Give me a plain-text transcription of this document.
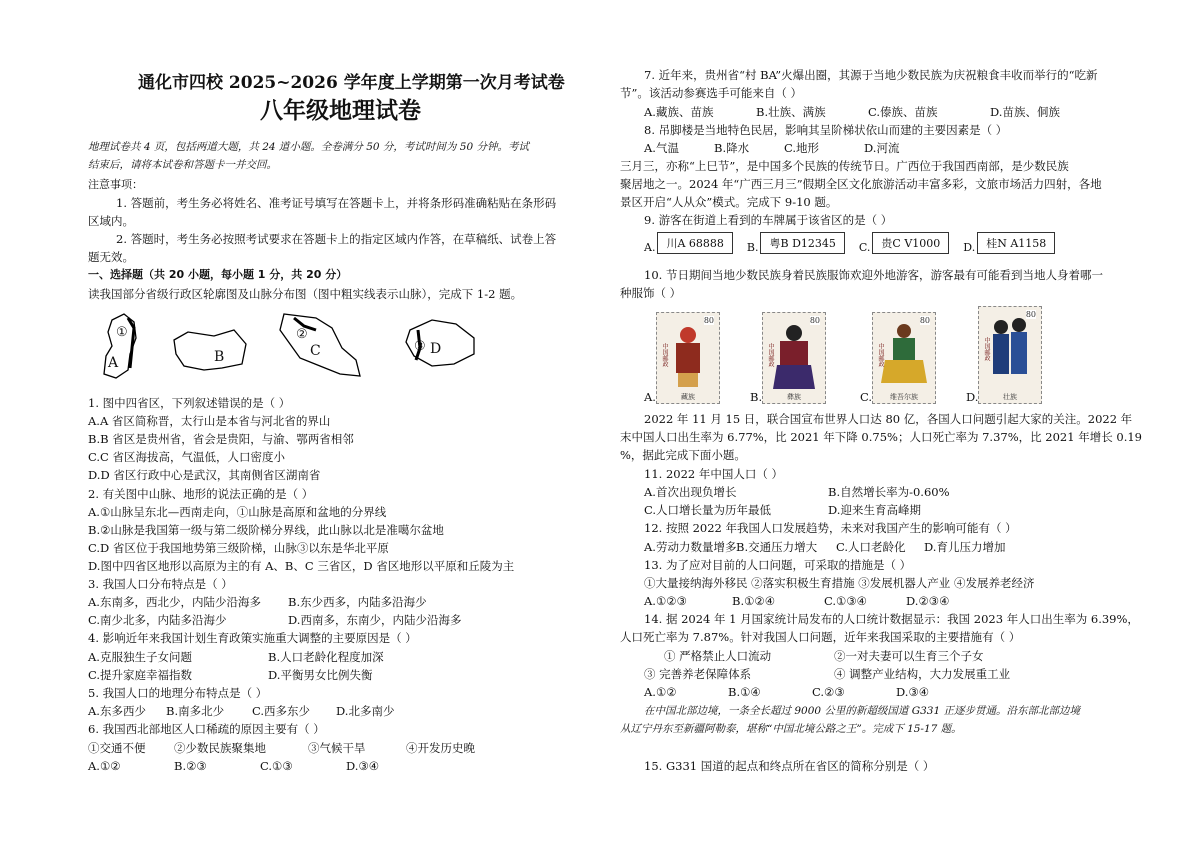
通化市四校 2025~2026 学年度上学期第一次月考试卷
八年级地理试卷
地理试卷共 4 页，包括两道大题，共 24 道小题。全卷满分 50 分，考试时间为 50 分钟。考试
结束后，请将本试卷和答题卡一并交回。
注意事项：
1. 答题前，考生务必将姓名、准考证号填写在答题卡上，并将条形码准确粘贴在条形码
区域内。
2. 答题时，考生务必按照考试要求在答题卡上的指定区域内作答，在草稿纸、试卷上答
题无效。
一、选择题（共 20 小题，每小题 1 分，共 20 分）
读我国部分省级行政区轮廓图及山脉分布图（图中粗实线表示山脉），完成下 1-2 题。
①
A	B
②
C	③ D
1. 图中四省区，下列叙述错误的是（ ）
A.A 省区简称晋，太行山是本省与河北省的界山
B.B 省区是贵州省，省会是贵阳，与渝、鄂两省相邻
C.C 省区海拔高，气温低，人口密度小
D.D 省区行政中心是武汉，其南侧省区湖南省
2. 有关图中山脉、地形的说法正确的是（ ）
A.①山脉呈东北—西南走向，①山脉是高原和盆地的分界线
B.②山脉是我国第一级与第二级阶梯分界线，此山脉以北是准噶尔盆地
C.D 省区位于我国地势第三级阶梯，山脉③以东是华北平原
D.图中四省区地形以高原为主的有 A、B、C 三省区，D 省区地形以平原和丘陵为主
3. 我国人口分布特点是（ ）
A.东南多，西北少，内陆少沿海多	B.东少西多，内陆多沿海少
C.南少北多，内陆多沿海少	D.西南多，东南少，内陆少沿海多
4. 影响近年来我国计划生育政策实施重大调整的主要原因是（ ）
A.克服独生子女问题	B.人口老龄化程度加深
C.提升家庭幸福指数	D.平衡男女比例失衡
5. 我国人口的地理分布特点是（ ）
A.东多西少	B.南多北少	C.西多东少	D.北多南少
6. 我国西北部地区人口稀疏的原因主要有（ ）
①交通不便	②少数民族聚集地	③气候干旱	④开发历史晚
A.①②	B.②③	C.①③	D.③④
7. 近年来，贵州省“村 BA”火爆出圈，其源于当地少数民族为庆祝粮食丰收而举行的“吃新
节”。该活动参赛选手可能来自（ ）
A.藏族、苗族	B.壮族、满族	C.傣族、苗族	D.苗族、侗族
8. 吊脚楼是当地特色民居，影响其呈阶梯状依山而建的主要因素是（ ）
A.气温	B.降水	C.地形	D.河流
三月三，亦称“上巳节”，是中国多个民族的传统节日。广西位于我国西南部，是少数民族
聚居地之一。2024 年“广西三月三”假期全区文化旅游活动丰富多彩，文旅市场活力四射，各地
景区开启“人从众”模式。完成下 9-10 题。
9. 游客在街道上看到的车牌属于该省区的是（ ）
A.	川A 68888	B.	粤B D12345	C.	贵C V1000	D.	桂N A1158
10. 节日期间当地少数民族身着民族服饰欢迎外地游客，游客最有可能看到当地人身着哪一
种服饰（ ）
A.
80
中国邮政
藏族	B.
80
中国邮政
彝族	C.
80
中国邮政
维吾尔族	D.
80
中国邮政
壮族
2022 年 11 月 15 日，联合国宣布世界人口达 80 亿，各国人口问题引起大家的关注。2022 年
末中国人口出生率为 6.77%，比 2021 年下降 0.75%；人口死亡率为 7.37%，比 2021 年增长 0.19
%，据此完成下面小题。
11. 2022 年中国人口（ ）
A.首次出现负增长	B.自然增长率为-0.60%
C.人口增长量为历年最低	D.迎来生育高峰期
12. 按照 2022 年我国人口发展趋势，未来对我国产生的影响可能有（ ）
A.劳动力数量增多 B.交通压力增大	C.人口老龄化	D.育儿压力增加
13. 为了应对目前的人口问题，可采取的措施是（ ）
①大量接纳海外移民 ②落实积极生育措施 ③发展机器人产业 ④发展养老经济
A.①②③	B.①②④	C.①③④	D.②③④
14. 据 2024 年 1 月国家统计局发布的人口统计数据显示：我国 2023 年人口出生率为 6.39%，
人口死亡率为 7.87%。针对我国人口问题，近年来我国采取的主要措施有（ ）
① 严格禁止人口流动	②一对夫妻可以生育三个子女
③ 完善养老保障体系	④ 调整产业结构，大力发展重工业
A.①②	B.①④	C.②③	D.③④
在中国北部边境，一条全长超过 9000 公里的新超级国道 G331 正逐步贯通。沿东部北部边境
从辽宁丹东至新疆阿勒泰，堪称“中国北境公路之王”。完成下 15-17 题。
15. G331 国道的起点和终点所在省区的简称分别是（ ）
